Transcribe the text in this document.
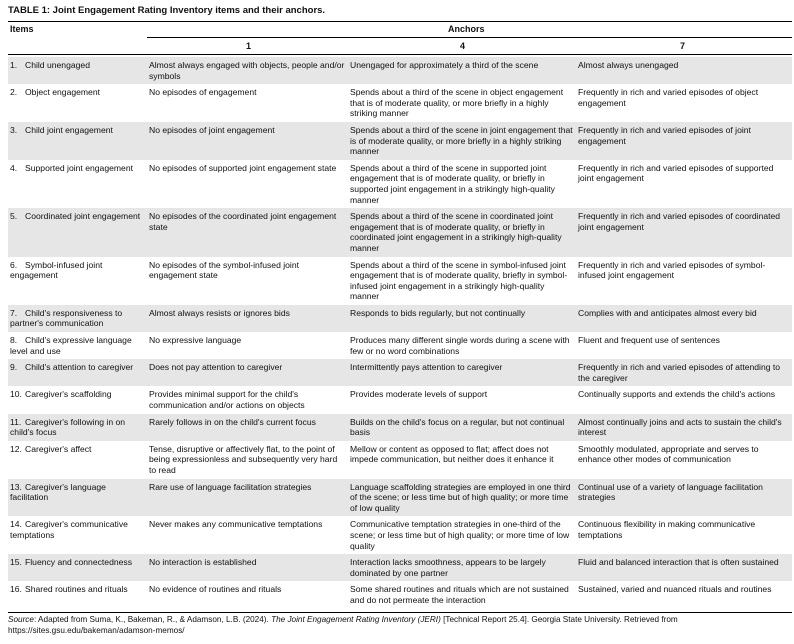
TABLE 1: Joint Engagement Rating Inventory items and their anchors.
Items	Anchors
1	4	7
1. Child unengaged	Almost always engaged with objects, people and/or symbols	Unengaged for approximately a third of the scene	Almost always unengaged
2. Object engagement	No episodes of engagement	Spends about a third of the scene in object engagement that is of moderate quality, or more briefly in a highly striking manner	Frequently in rich and varied episodes of object engagement
3. Child joint engagement	No episodes of joint engagement	Spends about a third of the scene in joint engagement that is of moderate quality, or more briefly in a highly striking manner	Frequently in rich and varied episodes of joint engagement
4. Supported joint engagement	No episodes of supported joint engagement state	Spends about a third of the scene in supported joint engagement that is of moderate quality, or briefly in supported joint engagement in a strikingly high-quality manner	Frequently in rich and varied episodes of supported joint engagement
5. Coordinated joint engagement	No episodes of the coordinated joint engagement state	Spends about a third of the scene in coordinated joint engagement that is of moderate quality, or briefly in coordinated joint engagement in a strikingly high-quality manner	Frequently in rich and varied episodes of coordinated joint engagement
6. Symbol-infused joint engagement	No episodes of the symbol-infused joint engagement state	Spends about a third of the scene in symbol-infused joint engagement that is of moderate quality, briefly in symbol-infused joint engagement in a strikingly high-quality manner	Frequently in rich and varied episodes of symbol-infused joint engagement
7. Child's responsiveness to partner's communication	Almost always resists or ignores bids	Responds to bids regularly, but not continually	Complies with and anticipates almost every bid
8. Child's expressive language level and use	No expressive language	Produces many different single words during a scene with few or no word combinations	Fluent and frequent use of sentences
9. Child's attention to caregiver	Does not pay attention to caregiver	Intermittently pays attention to caregiver	Frequently in rich and varied episodes of attending to the caregiver
10. Caregiver's scaffolding	Provides minimal support for the child's communication and/or actions on objects	Provides moderate levels of support	Continually supports and extends the child's actions
11. Caregiver's following in on child's focus	Rarely follows in on the child's current focus	Builds on the child's focus on a regular, but not continual basis	Almost continually joins and acts to sustain the child's interest
12. Caregiver's affect	Tense, disruptive or affectively flat, to the point of being expressionless and subsequently very hard to read	Mellow or content as opposed to flat; affect does not impede communication, but neither does it enhance it	Smoothly modulated, appropriate and serves to enhance other modes of communication
13. Caregiver's language facilitation	Rare use of language facilitation strategies	Language scaffolding strategies are employed in one third of the scene; or less time but of high quality; or more time of low quality	Continual use of a variety of language facilitation strategies
14. Caregiver's communicative temptations	Never makes any communicative temptations	Communicative temptation strategies in one-third of the scene; or less time but of high quality; or more time of low quality	Continuous flexibility in making communicative temptations
15. Fluency and connectedness	No interaction is established	Interaction lacks smoothness, appears to be largely dominated by one partner	Fluid and balanced interaction that is often sustained
16. Shared routines and rituals	No evidence of routines and rituals	Some shared routines and rituals which are not sustained and do not permeate the interaction	Sustained, varied and nuanced rituals and routines
Source: Adapted from Suma, K., Bakeman, R., & Adamson, L.B. (2024). The Joint Engagement Rating Inventory (JERI) [Technical Report 25.4]. Georgia State University. Retrieved from https://sites.gsu.edu/bakeman/adamson-memos/
